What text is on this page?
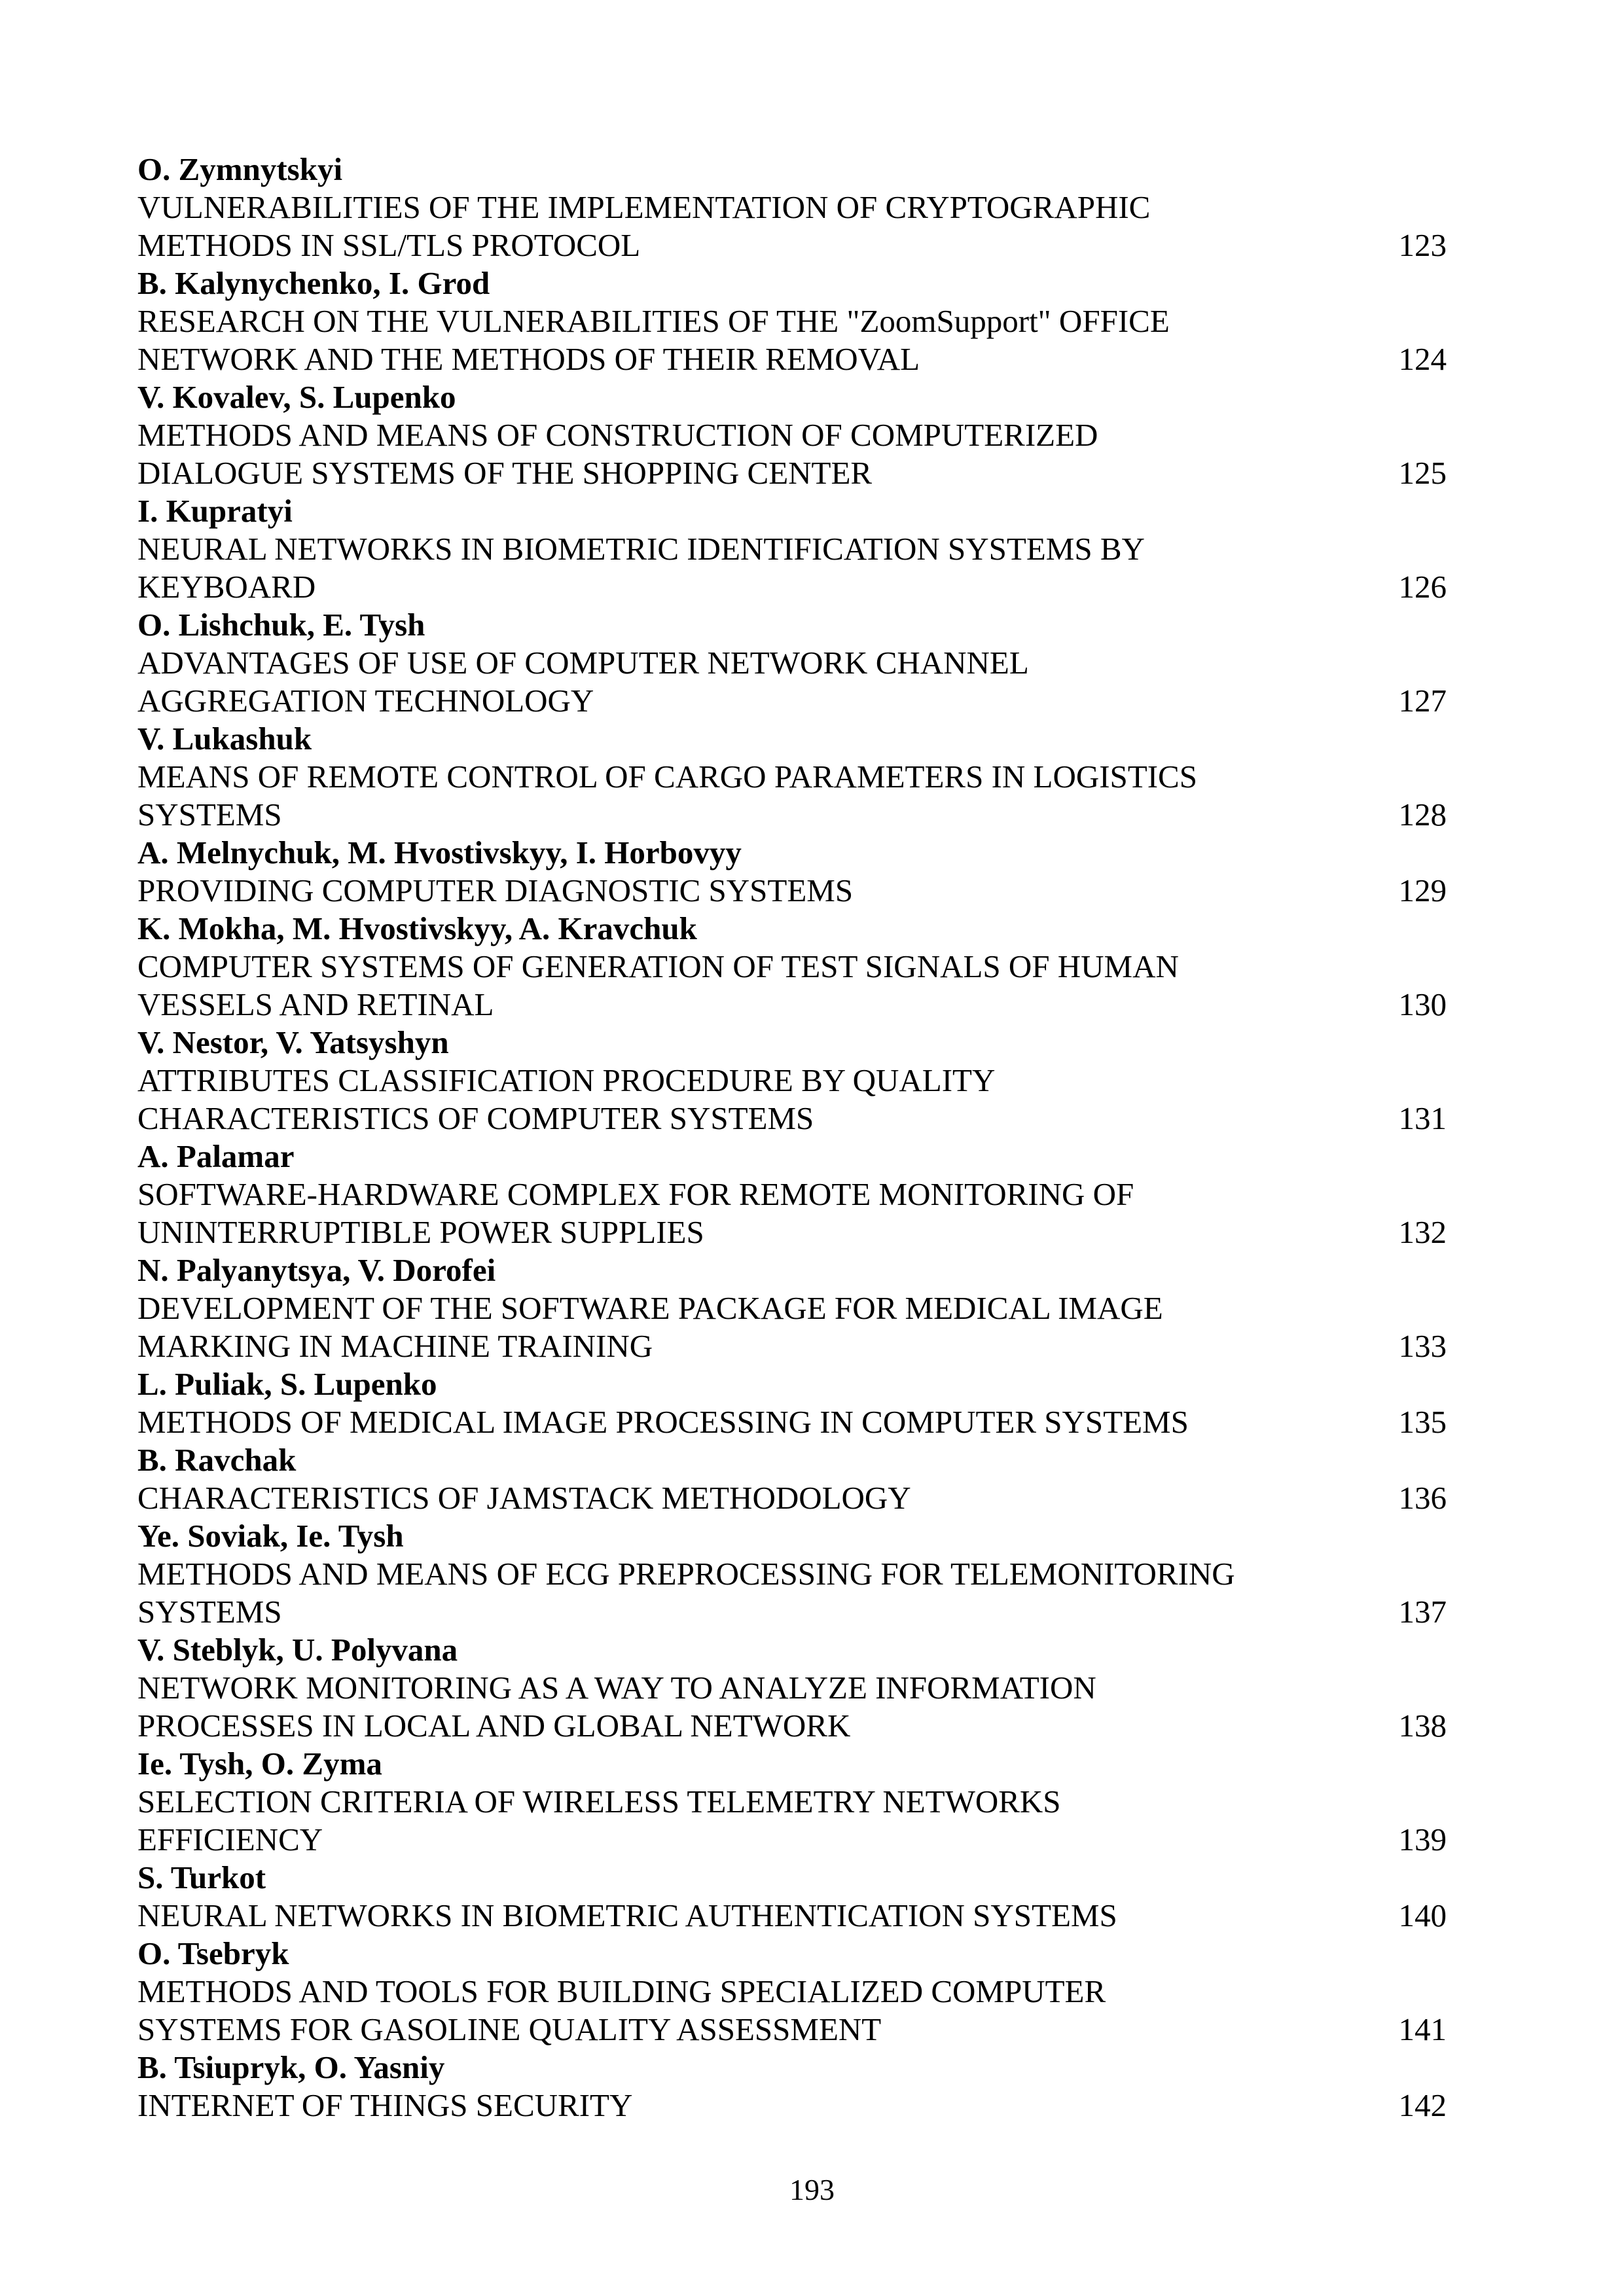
O. Zymnytskyi
VULNERABILITIES OF THE IMPLEMENTATION OF CRYPTOGRAPHIC
METHODS IN SSL/TLS PROTOCOL	123
B. Kalynychenko, I. Grod
RESEARCH ON THE VULNERABILITIES OF THE "ZoomSupport" OFFICE
NETWORK AND THE METHODS OF THEIR REMOVAL	124
V. Kovalev, S. Lupenko
METHODS AND MEANS OF CONSTRUCTION OF COMPUTERIZED
DIALOGUE SYSTEMS OF THE SHOPPING CENTER	125
I. Kupratyi
NEURAL NETWORKS IN BIOMETRIC IDENTIFICATION SYSTEMS BY
KEYBOARD	126
O. Lishchuk, E. Tysh
ADVANTAGES OF USE OF COMPUTER NETWORK CHANNEL
AGGREGATION TECHNOLOGY	127
V. Lukashuk
MEANS OF REMOTE CONTROL OF CARGO PARAMETERS IN LOGISTICS
SYSTEMS	128
A. Melnychuk, M. Hvostivskyy, I. Horbovyy
PROVIDING COMPUTER DIAGNOSTIC SYSTEMS	129
K. Mokha, M. Hvostivskyy, A. Kravchuk
COMPUTER SYSTEMS OF GENERATION OF TEST SIGNALS OF HUMAN
VESSELS AND RETINAL	130
V. Nestor, V. Yatsyshyn
ATTRIBUTES CLASSIFICATION PROCEDURE BY QUALITY
CHARACTERISTICS OF COMPUTER SYSTEMS	131
A. Palamar
SOFTWARE-HARDWARE COMPLEX FOR REMOTE MONITORING OF
UNINTERRUPTIBLE POWER SUPPLIES	132
N. Palyanytsya, V. Dorofei
DEVELOPMENT OF THE SOFTWARE PACKAGE FOR MEDICAL IMAGE
MARKING IN MACHINE TRAINING	133
L. Puliak, S. Lupenko
METHODS OF MEDICAL IMAGE PROCESSING IN COMPUTER SYSTEMS	135
B. Ravchak
CHARACTERISTICS OF JAMSTACK METHODOLOGY	136
Ye. Soviak, Ie. Tysh
METHODS AND MEANS OF ECG PREPROCESSING FOR TELEMONITORING
SYSTEMS	137
V. Steblyk, U. Polyvana
NETWORK MONITORING AS A WAY TO ANALYZE INFORMATION
PROCESSES IN LOCAL AND GLOBAL NETWORK	138
Ie. Tysh, O. Zyma
SELECTION CRITERIA OF WIRELESS TELEMETRY NETWORKS
EFFICIENCY	139
S. Turkot
NEURAL NETWORKS IN BIOMETRIC AUTHENTICATION SYSTEMS	140
O. Tsebryk
METHODS AND TOOLS FOR BUILDING SPECIALIZED COMPUTER
SYSTEMS FOR GASOLINE QUALITY ASSESSMENT	141
B. Tsiupryk, O. Yasniy
INTERNET OF THINGS SECURITY	142
193
